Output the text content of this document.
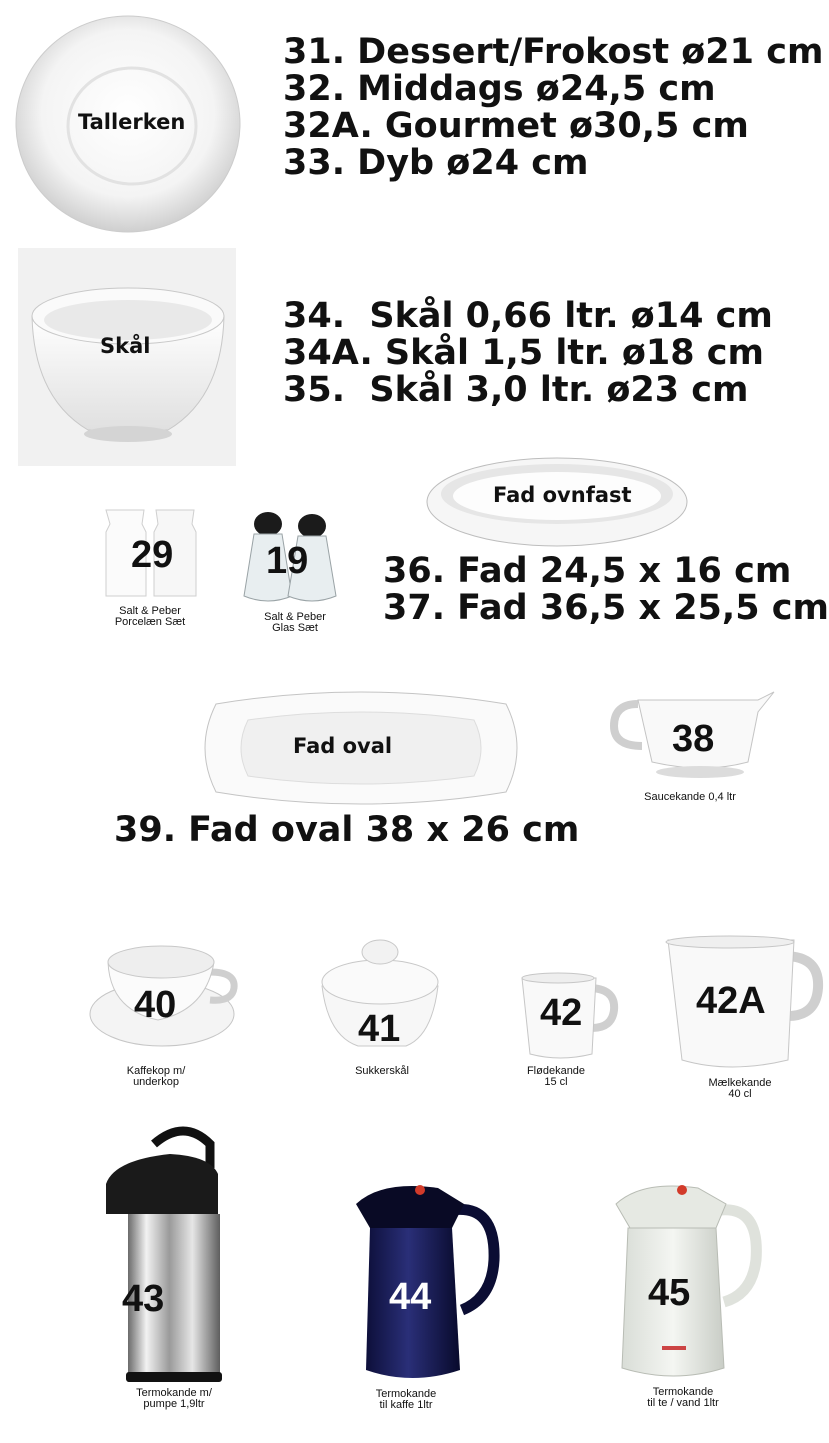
Tallerken
31. Dessert/Frokost ø21 cm
32. Middags ø24,5 cm
32A. Gourmet ø30,5 cm
33. Dyb ø24 cm
Skål
34.  Skål 0,66 ltr. ø14 cm
34A. Skål 1,5 ltr. ø18 cm
35.  Skål 3,0 ltr. ø23 cm
29
Salt & Peber
Porcelæn Sæt
19
Salt & Peber
Glas Sæt
Fad ovnfast
36. Fad 24,5 x 16 cm
37. Fad 36,5 x 25,5 cm
Fad oval
39. Fad oval 38 x 26 cm
38
Saucekande 0,4 ltr
40
Kaffekop m/
underkop
41
Sukkerskål
42
Flødekande
15 cl
42A
Mælkekande
40 cl
43
Termokande m/
pumpe 1,9ltr
44
Termokande
til kaffe 1ltr
45
Termokande
til te / vand 1ltr
